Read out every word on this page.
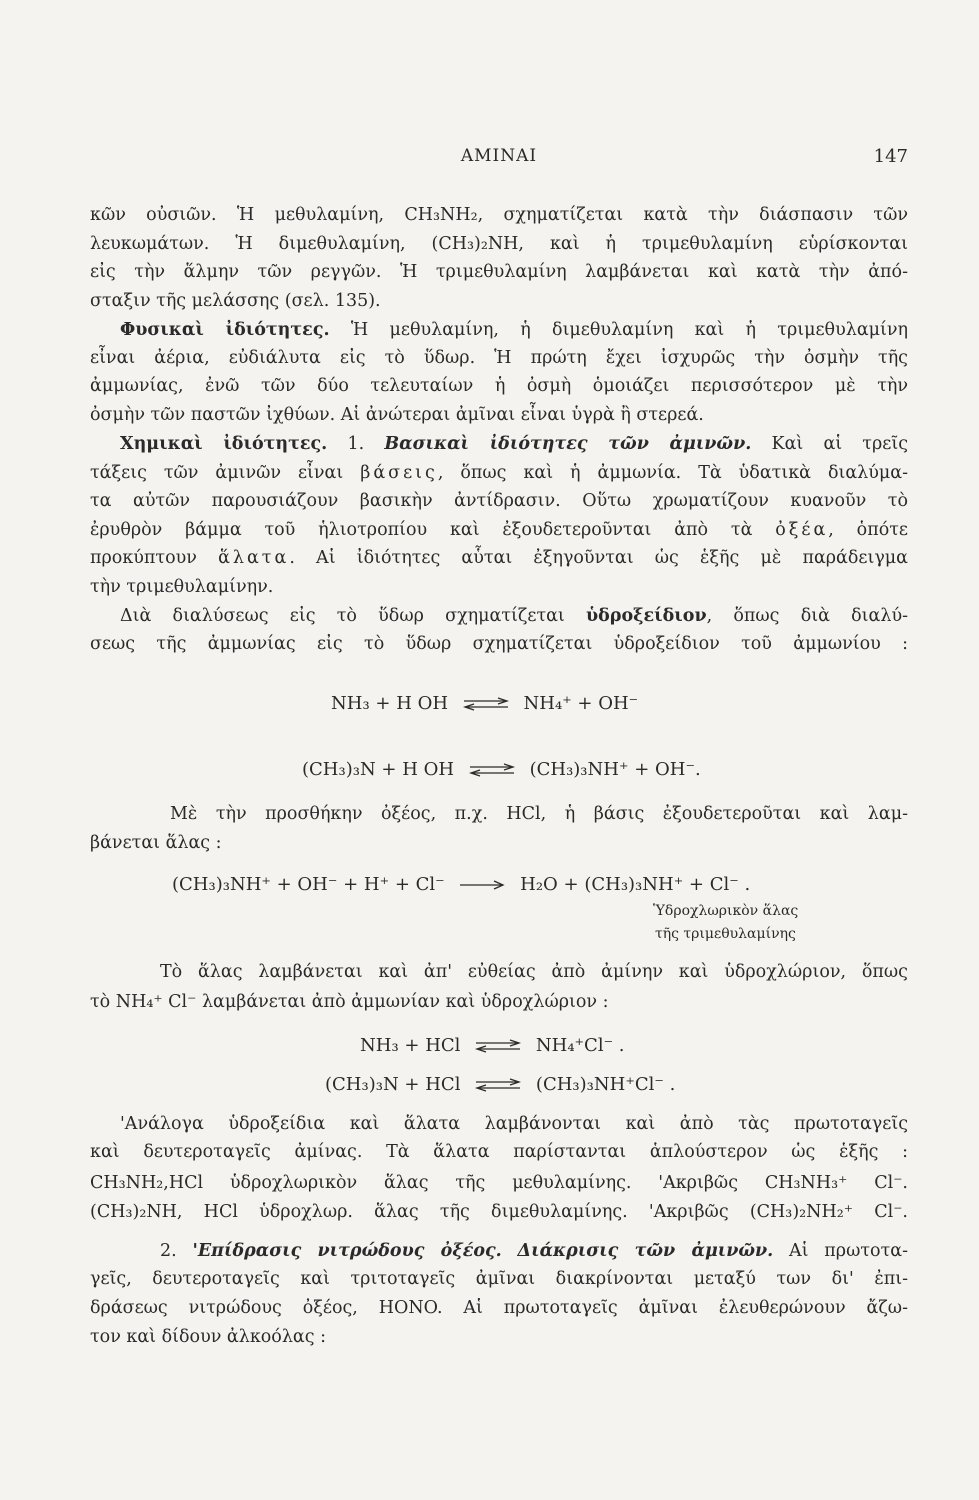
ΑΜΙΝΑΙ	147
κῶν οὐσιῶν. Ἡ μεθυλαμίνη, CH₃NH₂, σχηματίζεται κατὰ τὴν διάσπασιν τῶν
λευκωμάτων. Ἡ διμεθυλαμίνη, (CH₃)₂NH, καὶ ἡ τριμεθυλαμίνη εὑρίσκονται
εἰς τὴν ἅλμην τῶν ρεγγῶν. Ἡ τριμεθυλαμίνη λαμβάνεται καὶ κατὰ τὴν ἀπό-
σταξιν τῆς μελάσσης (σελ. 135).
Φυσικαὶ ἰδιότητες. Ἡ μεθυλαμίνη, ἡ διμεθυλαμίνη καὶ ἡ τριμεθυλαμίνη
εἶναι ἀέρια, εὐδιάλυτα εἰς τὸ ὕδωρ. Ἡ πρώτη ἔχει ἰσχυρῶς τὴν ὀσμὴν τῆς
ἀμμωνίας, ἐνῶ τῶν δύο τελευταίων ἡ ὀσμὴ ὁμοιάζει περισσότερον μὲ τὴν
ὀσμὴν τῶν παστῶν ἰχθύων. Αἱ ἀνώτεραι ἀμῖναι εἶναι ὑγρὰ ἢ στερεά.
Χημικαὶ ἰδιότητες. 1. Βασικαὶ ἰδιότητες τῶν ἀμινῶν. Καὶ αἱ τρεῖς
τάξεις τῶν ἀμινῶν εἶναι βάσεις, ὅπως καὶ ἡ ἀμμωνία. Τὰ ὑδατικὰ διαλύμα-
τα αὐτῶν παρουσιάζουν βασικὴν ἀντίδρασιν. Οὕτω χρωματίζουν κυανοῦν τὸ
ἐρυθρὸν βάμμα τοῦ ἡλιοτροπίου καὶ ἐξουδετεροῦνται ἀπὸ τὰ ὀξέα, ὁπότε
προκύπτουν ἅλατα. Αἱ ἰδιότητες αὗται ἐξηγοῦνται ὡς ἑξῆς μὲ παράδειγμα
τὴν τριμεθυλαμίνην.
Διὰ διαλύσεως εἰς τὸ ὕδωρ σχηματίζεται ὑδροξείδιον, ὅπως διὰ διαλύ-
σεως τῆς ἀμμωνίας εἰς τὸ ὕδωρ σχηματίζεται ὑδροξείδιον τοῦ ἀμμωνίου :
NH₃ + H OH ⇌ NH₄⁺ + OH⁻
(CH₃)₃N + H OH ⇌ (CH₃)₃NH⁺ + OH⁻.
Μὲ τὴν προσθήκην ὀξέος, π.χ. HCl, ἡ βάσις ἐξουδετεροῦται καὶ λαμ-
βάνεται ἅλας :
(CH₃)₃NH⁺ + OH⁻ + H⁺ + Cl⁻ → H₂O + (CH₃)₃NH⁺ + Cl⁻ .
Ὑδροχλωρικὸν ἅλας
τῆς τριμεθυλαμίνης
Τὸ ἅλας λαμβάνεται καὶ ἀπ' εὐθείας ἀπὸ ἀμίνην καὶ ὑδροχλώριον, ὅπως
τὸ NH₄⁺ Cl⁻ λαμβάνεται ἀπὸ ἀμμωνίαν καὶ ὑδροχλώριον :
NH₃ + HCl ⇌ NH₄⁺Cl⁻ .
(CH₃)₃N + HCl ⇌ (CH₃)₃NH⁺Cl⁻ .
'Ανάλογα ὑδροξείδια καὶ ἅλατα λαμβάνονται καὶ ἀπὸ τὰς πρωτοταγεῖς
καὶ δευτεροταγεῖς ἀμίνας. Τὰ ἅλατα παρίστανται ἁπλούστερον ὡς ἑξῆς :
CH₃NH₂,HCl ὑδροχλωρικὸν ἅλας τῆς μεθυλαμίνης. 'Ακριβῶς CH₃NH₃⁺ Cl⁻.
(CH₃)₂NH, HCl ὑδροχλωρ. ἅλας τῆς διμεθυλαμίνης. 'Ακριβῶς (CH₃)₂NH₂⁺ Cl⁻.
2. 'Επίδρασις νιτρώδους ὀξέος. Διάκρισις τῶν ἀμινῶν. Αἱ πρωτοτα-
γεῖς, δευτεροταγεῖς καὶ τριτοταγεῖς ἀμῖναι διακρίνονται μεταξύ των δι' ἐπι-
δράσεως νιτρώδους ὀξέος, HONO. Αἱ πρωτοταγεῖς ἀμῖναι ἐλευθερώνουν ἄζω-
τον καὶ δίδουν ἀλκοόλας :
